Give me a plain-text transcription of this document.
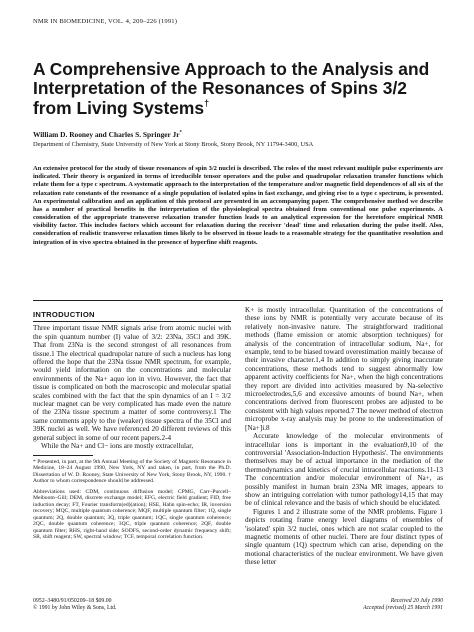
NMR IN BIOMEDICINE, VOL. 4, 209–226 (1991)
A Comprehensive Approach to the Analysis and Interpretation of the Resonances of Spins 3/2 from Living Systems†
William D. Rooney and Charles S. Springer Jr*
Department of Chemistry, State University of New York at Stony Brook, Stony Brook, NY 11794-3400, USA

An extensive protocol for the study of tissue resonances of spin 3/2 nuclei is described. The roles of the most relevant multiple pulse experiments are indicated. Their theory is organized in terms of irreducible tensor operators and the pulse and quadrupolar relaxation transfer functions which relate them for a type c spectrum. A systematic approach to the interpretation of the temperature and/or magnetic field dependences of all six of the relaxation rate constants of the resonance of a single population of isolated spins in fast exchange, and giving rise to a type c spectrum, is presented. An experimental calibration and an application of this protocol are presented in an accompanying paper. The comprehensive method we describe has a number of practical benefits in the interpretation of the physiological spectra obtained from conventional one pulse experiments. A consideration of the appropriate transverse relaxation transfer function leads to an analytical expression for the heretofore empirical NMR visibility factor. This includes factors which account for relaxation during the receiver 'dead' time and relaxation during the pulse itself. Also, consideration of realistic transverse relaxation times likely to be observed in tissue leads to a reasonable strategy for the quantitative resolution and integration of in vivo spectra obtained in the presence of hyperfine shift reagents.

INTRODUCTION

Three important tissue NMR signals arise from atomic nuclei with the spin quantum number (I) value of 3/2: 23Na, 35Cl and 39K. That from 23Na is the second strongest of all resonances from tissue.1 The electrical quadrupolar nature of such a nucleus has long offered the hope that the 23Na tissue NMR spectrum, for example, would yield information on the concentrations and molecular environments of the Na+ aquo ion in vivo. However, the fact that tissue is complicated on both the macroscopic and molecular spatial scales combined with the fact that the spin dynamics of an I = 3/2 nuclear magnet can be very complicated has made even the nature of the 23Na tissue spectrum a matter of some controversy.1 The same comments apply to the (weaker) tissue spectra of the 35Cl and 39K nuclei as well. We have referenced 20 different reviews of this general subject in some of our recent papers.2-4

While the Na+ and Cl− ions are mostly extracellular,

* Presented, in part, at the 9th Annual Meeting of the Society of Magnetic Resonance in Medicine, 18–24 August 1990, New York, NY and taken, in part, from the Ph.D. Dissertation of W. D. Rooney, State University of New York, Stony Brook, NY, 1990. † Author to whom correspondence should be addressed.

Abbreviations used: CDM, continuous diffusion model; CPMG, Carr–Purcell–Meiboom–Gill; DEM, discrete exchange model; EFG, electric field gradient; FID, free induction decay; FT, Fourier transform(ed)(ation); HSE, Hahn spin-echo; IR, inversion recovery; MQC, multiple quantum coherence; MQF, multiple quantum filter; 1Q, single quantum; 2Q, double quantum; 3Q, triple quantum; 1QC, single quantum coherence; 2QC, double quantum coherence; 3QC, triple quantum coherence; 2QF, double quantum filter; RHS, right-hand side; SODFS, second-order dynamic frequency shift; SR, shift reagent; SW, spectral window; TCF, temporal correlation function.

K+ is mostly intracellular. Quantitation of the concentrations of these ions by NMR is potentially very accurate because of its relatively non-invasive nature. The straightforward traditional methods (flame emission or atomic absorption techniques) for analysis of the concentration of intracellular sodium, Na+, for example, tend to be biased toward overestimation mainly because of their invasive character.1,4 In addition to simply giving inaccurate concentrations, these methods tend to suggest abnormally low apparent activity coefficients for Na+, when the high concentrations they report are divided into activities measured by Na-selective microelectrodes,5,6 and excessive amounts of bound Na+, when concentrations derived from fluorescent probes are adjusted to be consistent with high values reported.7 The newer method of electron microprobe x-ray analysis may be prone to the underestimation of [Na+]i.8

Accurate knowledge of the molecular environments of intracellular ions is important in the evaluation9,10 of the controversial 'Association-Induction Hypothesis'. The environments themselves may be of actual importance in the mediation of the thermodynamics and kinetics of crucial intracellular reactions.11-13 The concentration and/or molecular environment of Na+, as possibly manifest in human brain 23Na MR images, appears to show an intriguing correlation with tumor pathology14,15 that may be of clinical relevance and the basis of which should be elucidated.

Figures 1 and 2 illustrate some of the NMR problems. Figure 1 depicts rotating frame energy level diagrams of ensembles of 'isolated' spin 3/2 nuclei, ones which are not scalar coupled to the magnetic moments of other nuclei. There are four distinct types of single quantum (1Q) spectrum which can arise, depending on the motional characteristics of the nuclear environment. We have given these letter

0952–3480/91/050209–18 $09.00
© 1991 by John Wiley & Sons, Ltd.
Received 20 July 1990
Accepted (revised) 25 March 1991
